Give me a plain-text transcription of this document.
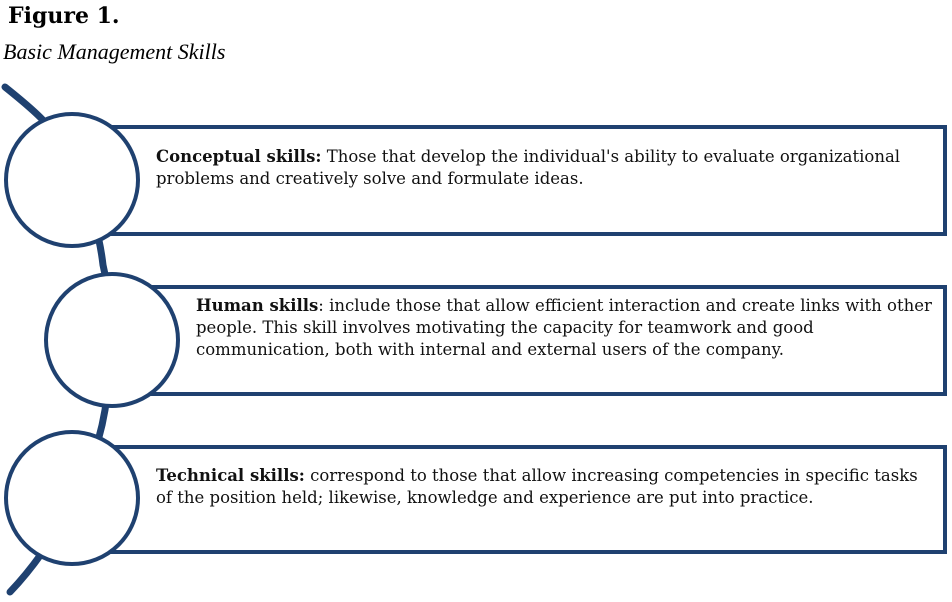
Figure 1.
Basic Management Skills
Conceptual skills: Those that develop the individual's ability to evaluate organizational problems and creatively solve and formulate ideas.
Human skills: include those that allow efficient interaction and create links with other people. This skill involves motivating the capacity for teamwork and good communication, both with internal and external users of the company.
Technical skills: correspond to those that allow increasing competencies in specific tasks of the position held; likewise, knowledge and experience are put into practice.
